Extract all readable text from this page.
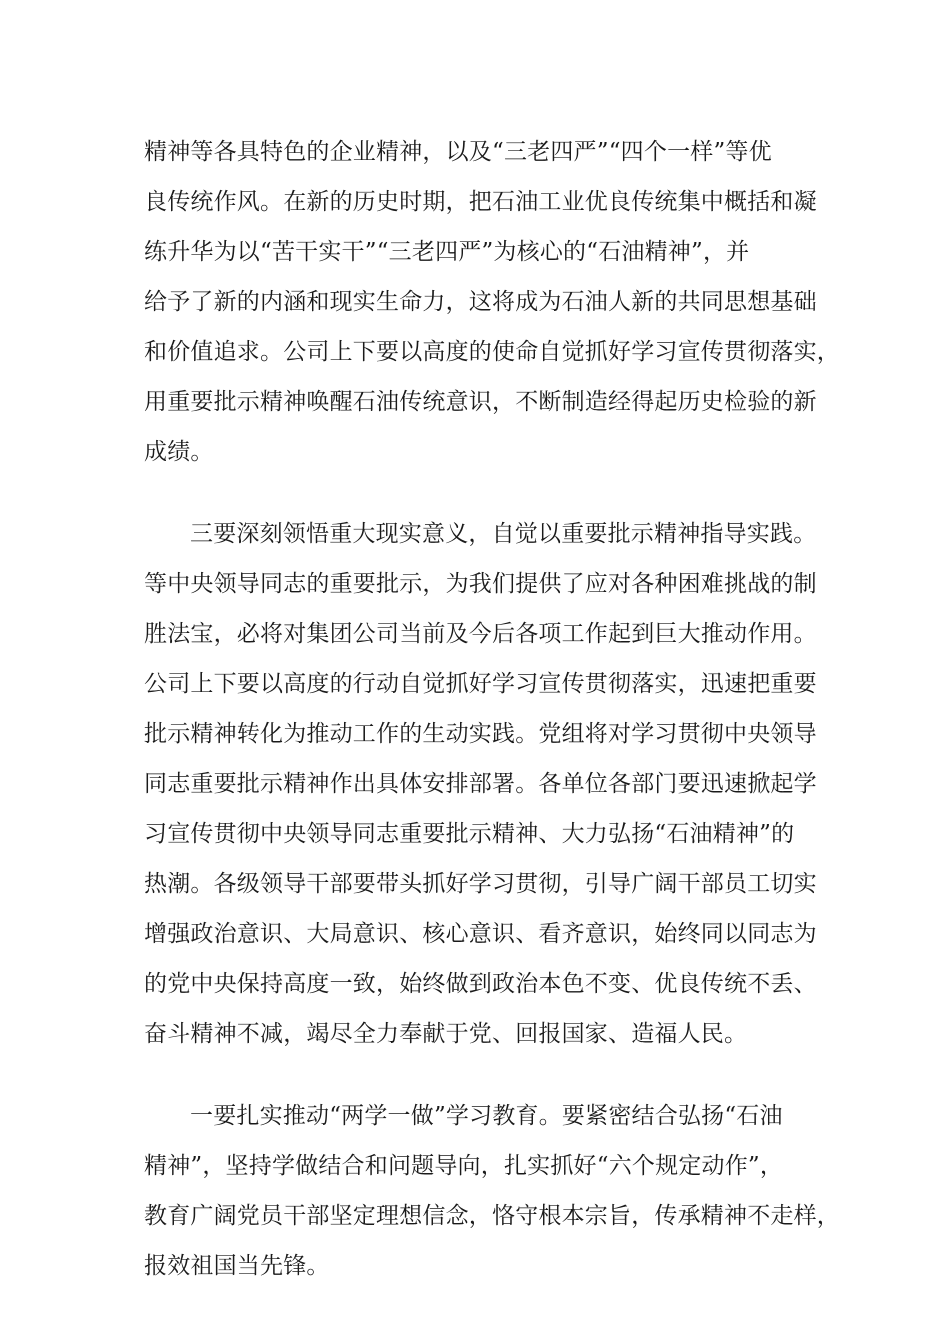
精神等各具特色的企业精神，以及“三老四严”“四个一样”等优
良传统作风。在新的历史时期，把石油工业优良传统集中概括和凝
练升华为以“苦干实干”“三老四严”为核心的“石油精神”，并
给予了新的内涵和现实生命力，这将成为石油人新的共同思想基础
和价值追求。公司上下要以高度的使命自觉抓好学习宣传贯彻落实，
用重要批示精神唤醒石油传统意识，不断制造经得起历史检验的新
成绩。
三要深刻领悟重大现实意义，自觉以重要批示精神指导实践。
等中央领导同志的重要批示，为我们提供了应对各种困难挑战的制
胜法宝，必将对集团公司当前及今后各项工作起到巨大推动作用。
公司上下要以高度的行动自觉抓好学习宣传贯彻落实，迅速把重要
批示精神转化为推动工作的生动实践。党组将对学习贯彻中央领导
同志重要批示精神作出具体安排部署。各单位各部门要迅速掀起学
习宣传贯彻中央领导同志重要批示精神、大力弘扬“石油精神”的
热潮。各级领导干部要带头抓好学习贯彻，引导广阔干部员工切实
增强政治意识、大局意识、核心意识、看齐意识，始终同以同志为
的党中央保持高度一致，始终做到政治本色不变、优良传统不丢、
奋斗精神不减，竭尽全力奉献于党、回报国家、造福人民。
一要扎实推动“两学一做”学习教育。要紧密结合弘扬“石油
精神”，坚持学做结合和问题导向，扎实抓好“六个规定动作”，
教育广阔党员干部坚定理想信念，恪守根本宗旨，传承精神不走样，
报效祖国当先锋。
